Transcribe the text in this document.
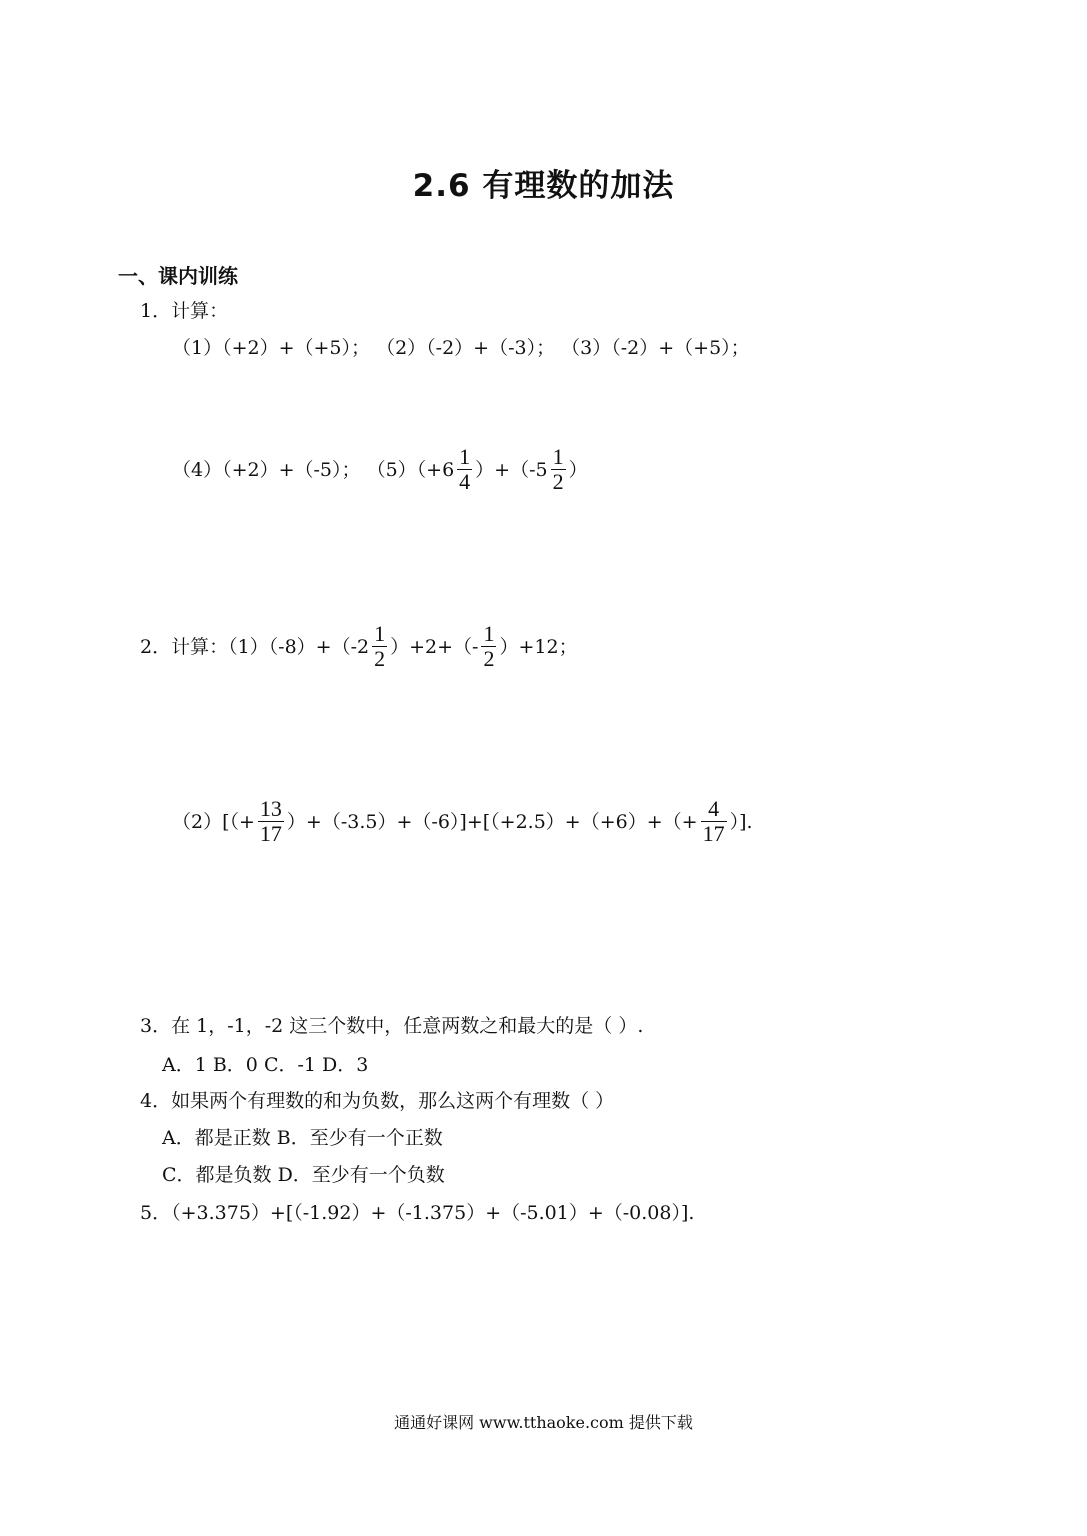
2.6 有理数的加法
一、课内训练
1．计算：
（1）（+2）+（+5）； （2）（-2）+（-3）； （3）（-2）+（+5）；
（4）（+2）+（-5）； $(5)(+6 \frac{1}{4} )+(-5 \frac{1}{2}$ ）
2．计算：$(1)(-8)+(-2 \frac{1}{2} )+2+(- \frac{1}{2} )+12$；
$(2)[(+ \frac{13}{17} )+(-3.5)+(-6)]+[(+2.5)+(+6)+(+ \frac{4}{17}$ ）].
3．在 1，-1，-2 这三个数中，任意两数之和最大的是（ ）.
A．1 B．0 C．-1 D．3
4．如果两个有理数的和为负数，那么这两个有理数（ ）
A．都是正数 B．至少有一个正数
C．都是负数 D．至少有一个负数
5．（+3.375）+[（-1.92）+（-1.375）+（-5.01）+（-0.08）].
通通好课网 www.tthaoke.com 提供下载
